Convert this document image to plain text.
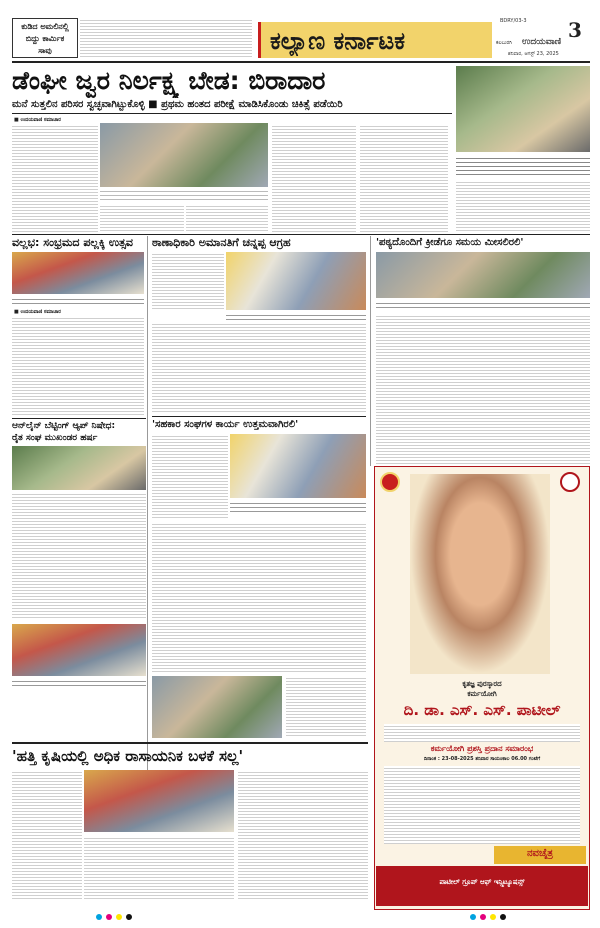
ಕುಡಿದ ಅಮಲಿನಲ್ಲಿ
ಬಿದ್ದು ಕಾರ್ಮಿಕ
ಸಾವು
BDRY/03-3
ಕಲ್ಯಾಣ ಕರ್ನಾಟಕ	3
ಕಲಬುರಗಿ ಉದಯವಾಣಿ
ಶನಿವಾರ, ಆಗಸ್ಟ್ 23, 2025
ಡೆಂಘೀ ಜ್ವರ ನಿರ್ಲಕ್ಷ್ಯ ಬೇಡ: ಬಿರಾದಾರ
ಮನೆ ಸುತ್ತಲಿನ ಪರಿಸರ ಸ್ವಚ್ಛವಾಗಿಟ್ಟುಕೊಳ್ಳಿ ■ ಪ್ರಥಮ ಹಂತದ ಪರೀಕ್ಷೆ ಮಾಡಿಸಿಕೊಂಡು ಚಿಕಿತ್ಸೆ ಪಡೆಯಿರಿ
■ ಉದಯವಾಣಿ ಸಮಾಚಾರ
ವಲ್ಲಭ: ಸಂಭ್ರಮದ ಪಲ್ಲಕ್ಕಿ ಉತ್ಸವ
■ ಉದಯವಾಣಿ ಸಮಾಚಾರ
ಠಾಣಾಧಿಕಾರಿ ಅಮಾನತಿಗೆ ಚನ್ನಪ್ಪ ಆಗ್ರಹ	'ಪಠ್ಯದೊಂದಿಗೆ ಕ್ರೀಡೆಗೂ ಸಮಯ ಮೀಸಲಿರಲಿ'
ಆನ್‌ಲೈನ್ ಬೆಟ್ಟಿಂಗ್ ಆ್ಯಪ್ ನಿಷೇಧ:
ರೈತ ಸಂಘ ಮುಖಂಡರ ಹರ್ಷ
'ಸಹಕಾರ ಸಂಘಗಳ ಕಾರ್ಯ ಉತ್ತಮವಾಗಿರಲಿ'
ಕೃತಜ್ಞ ಪುರಸ್ಕಾರದ
ಕರ್ಮಯೋಗಿ
ದಿ. ಡಾ. ಎಸ್. ಎಸ್. ಪಾಟೀಲ್
ಕರ್ಮಯೋಗಿ ಪ್ರಶಸ್ತಿ ಪ್ರದಾನ ಸಮಾರಂಭ
ದಿನಾಂಕ : 23-08-2025 ಶನಿವಾರ ಸಾಯಂಕಾಲ 06.00 ಗಂಟೆಗೆ
ನವಚೈತ್ರ
ಪಾಟೀಲ್ ಗ್ರೂಪ್ ಆಫ್ ಇನ್ಸ್ಟಿಟ್ಯೂಷನ್ಸ್
'ಹತ್ತಿ ಕೃಷಿಯಲ್ಲಿ ಅಧಿಕ ರಾಸಾಯನಿಕ ಬಳಕೆ ಸಲ್ಲ'
